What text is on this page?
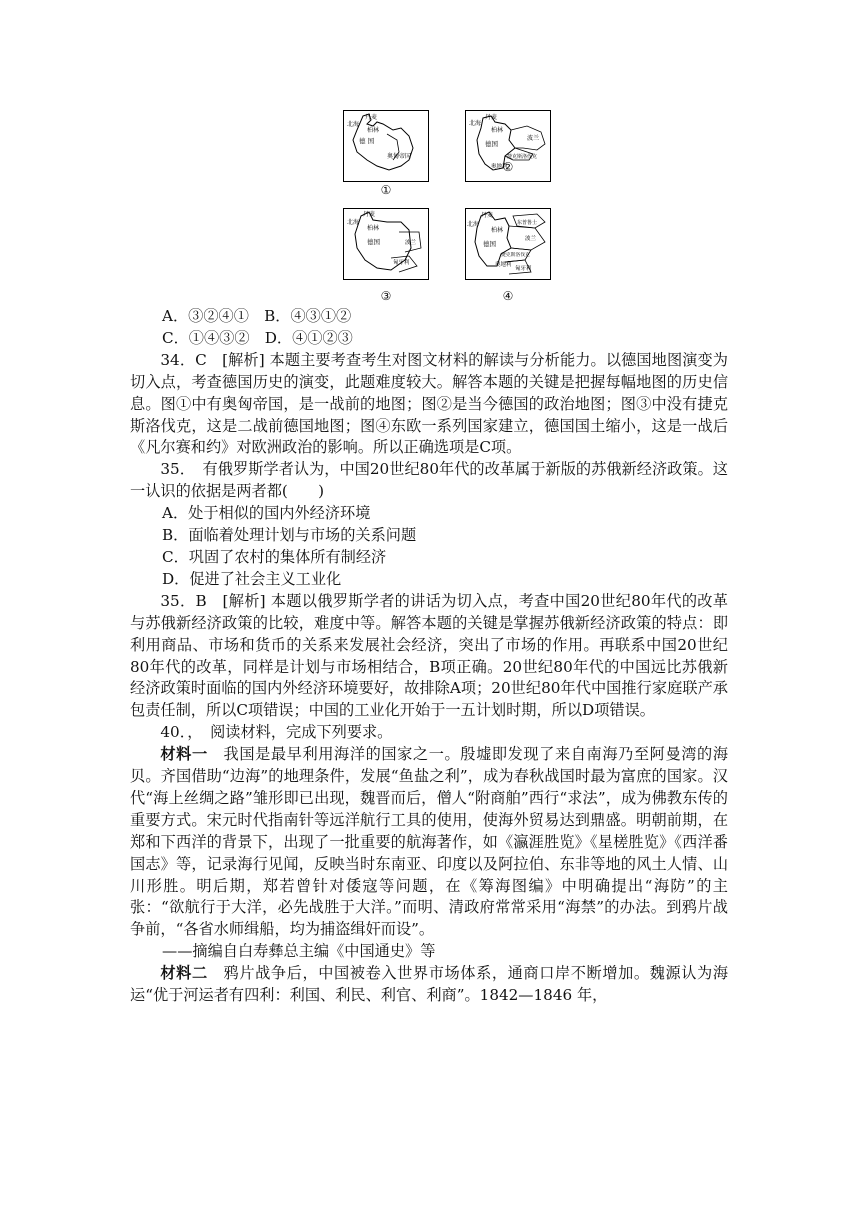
丹麦
北海
柏林
德 国
奥匈帝国
①
丹麦
北海
柏林
德国
波兰
奥地利
捷克斯洛伐克
②
丹麦
北海
柏林
德国	波兰
匈牙利
③
丹麦
北海
柏林
东普鲁士
德国
波兰
捷克斯洛伐克
奥地利
匈牙利
④

A．③②④①　B．④③①②

C．①④③②　D．④①②③

34．C　[解析] 本题主要考查考生对图文材料的解读与分析能力。以德国地图演变为切入点，考查德国历史的演变，此题难度较大。解答本题的关键是把握每幅地图的历史信息。图①中有奥匈帝国，是一战前的地图；图②是当今德国的政治地图；图③中没有捷克斯洛伐克，这是二战前德国地图；图④东欧一系列国家建立，德国国土缩小，这是一战后《凡尔赛和约》对欧洲政治的影响。所以正确选项是C项。

35．　有俄罗斯学者认为，中国20世纪80年代的改革属于新版的苏俄新经济政策。这一认识的依据是两者都(　　)

A．处于相似的国内外经济环境

B．面临着处理计划与市场的关系问题

C．巩固了农村的集体所有制经济

D．促进了社会主义工业化

35．B　[解析] 本题以俄罗斯学者的讲话为切入点，考查中国20世纪80年代的改革与苏俄新经济政策的比较，难度中等。解答本题的关键是掌握苏俄新经济政策的特点：即利用商品、市场和货币的关系来发展社会经济，突出了市场的作用。再联系中国20世纪80年代的改革，同样是计划与市场相结合，B项正确。20世纪80年代的中国远比苏俄新经济政策时面临的国内外经济环境要好，故排除A项；20世纪80年代中国推行家庭联产承包责任制，所以C项错误；中国的工业化开始于一五计划时期，所以D项错误。

40．，　阅读材料，完成下列要求。

材料一　我国是最早利用海洋的国家之一。殷墟即发现了来自南海乃至阿曼湾的海贝。齐国借助“边海”的地理条件，发展“鱼盐之利”，成为春秋战国时最为富庶的国家。汉代“海上丝绸之路”雏形即已出现，魏晋而后，僧人“附商舶”西行“求法”，成为佛教东传的重要方式。宋元时代指南针等远洋航行工具的使用，使海外贸易达到鼎盛。明朝前期，在郑和下西洋的背景下，出现了一批重要的航海著作，如《瀛涯胜览》《星槎胜览》《西洋番国志》等，记录海行见闻，反映当时东南亚、印度以及阿拉伯、东非等地的风土人情、山川形胜。明后期，郑若曾针对倭寇等问题，在《筹海图编》中明确提出“海防”的主张：“欲航行于大洋，必先战胜于大洋。”而明、清政府常常采用“海禁”的办法。到鸦片战争前，“各省水师缉船，均为捕盗缉奸而设”。

——摘编自白寿彝总主编《中国通史》等

材料二　鸦片战争后，中国被卷入世界市场体系，通商口岸不断增加。魏源认为海运“优于河运者有四利：利国、利民、利官、利商”。1842—1846 年，
